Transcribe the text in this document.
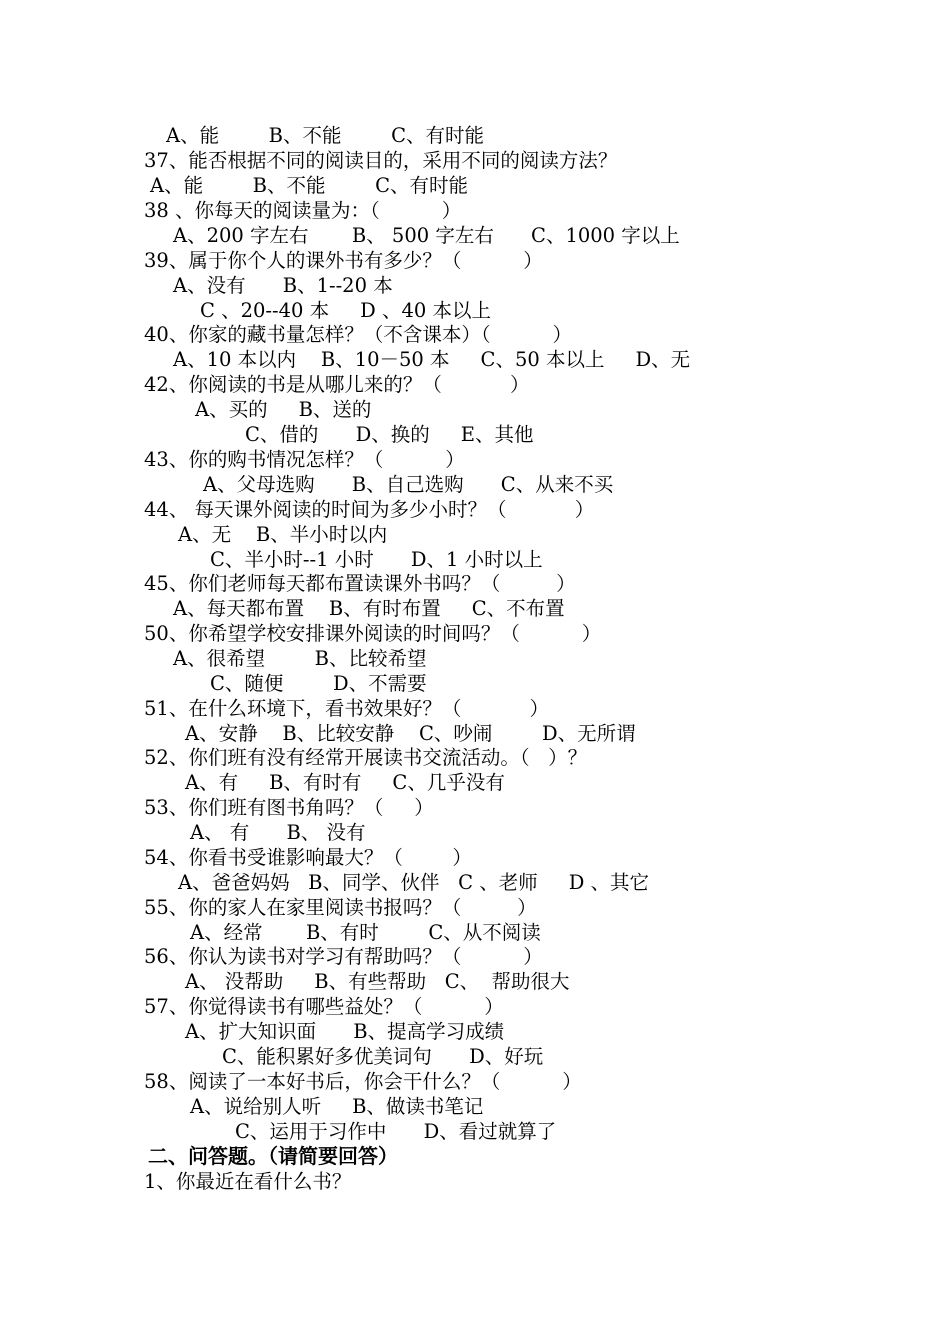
A、能        B、不能        C、有时能
37、能否根据不同的阅读目的，采用不同的阅读方法？
A、能        B、不能        C、有时能
38 、你每天的阅读量为：（          ）
A、200 字左右       B、 500 字左右      C、1000 字以上
39、属于你个人的课外书有多少？（          ）
A、没有      B、1--20 本
C 、20--40 本     D 、40 本以上
40、你家的藏书量怎样？（不含课本）（          ）
A、10 本以内    B、10－50 本     C、50 本以上     D、无
42、你阅读的书是从哪儿来的？（           ）
A、买的     B、送的
C、借的      D、换的     E、其他
43、你的购书情况怎样？（          ）
A、父母选购      B、自己选购      C、从来不买
44、 每天课外阅读的时间为多少小时？（           ）
A、无    B、半小时以内
C、半小时--1 小时      D、1 小时以上
45、你们老师每天都布置读课外书吗？（         ）
A、每天都布置    B、有时布置     C、不布置
50、你希望学校安排课外阅读的时间吗？（          ）
A、很希望        B、比较希望
C、随便        D、不需要
51、在什么环境下，看书效果好？（           ）
A、安静    B、比较安静    C、吵闹        D、无所谓
52、你们班有没有经常开展读书交流活动。（   ）？
A、有     B、有时有     C、几乎没有
53、你们班有图书角吗？（     ）
A、 有      B、 没有
54、你看书受谁影响最大？（        ）
A、爸爸妈妈   B、同学、伙伴   C 、老师     D 、其它
55、你的家人在家里阅读书报吗？（         ）
A、经常       B、有时        C、从不阅读
56、你认为读书对学习有帮助吗？（          ）
A、 没帮助     B、有些帮助   C、  帮助很大
57、你觉得读书有哪些益处？（          ）
A、扩大知识面      B、提高学习成绩
C、能积累好多优美词句      D、好玩
58、阅读了一本好书后，你会干什么？（          ）
A、说给别人听     B、做读书笔记
C、运用于习作中      D、看过就算了
二、问答题。（请简要回答）
1、你最近在看什么书？
